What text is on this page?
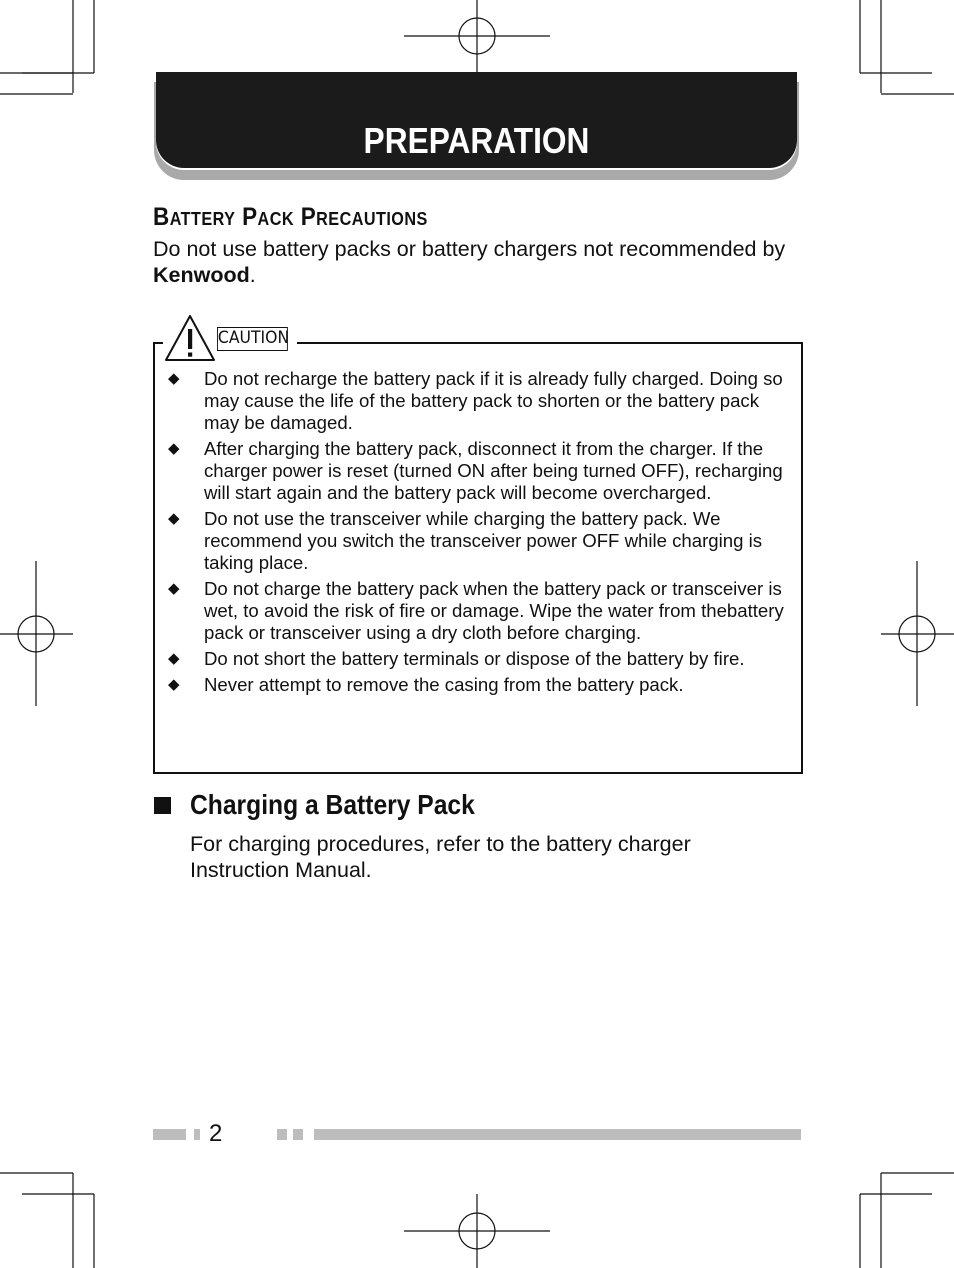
PREPARATION
Battery Pack Precautions
Do not use battery packs or battery chargers not recommended by Kenwood.
CAUTION
◆ Do not recharge the battery pack if it is already fully charged. Doing so may cause the life of the battery pack to shorten or the battery pack may be damaged.
◆ After charging the battery pack, disconnect it from the charger. If the charger power is reset (turned ON after being turned OFF), recharging will start again and the battery pack will become overcharged.
◆ Do not use the transceiver while charging the battery pack. We recommend you switch the transceiver power OFF while charging is taking place.
◆ Do not charge the battery pack when the battery pack or transceiver is wet, to avoid the risk of fire or damage. Wipe the water from thebattery pack or transceiver using a dry cloth before charging.
◆ Do not short the battery terminals or dispose of the battery by fire.
◆ Never attempt to remove the casing from the battery pack.
Charging a Battery Pack
For charging procedures, refer to the battery charger Instruction Manual.
2
